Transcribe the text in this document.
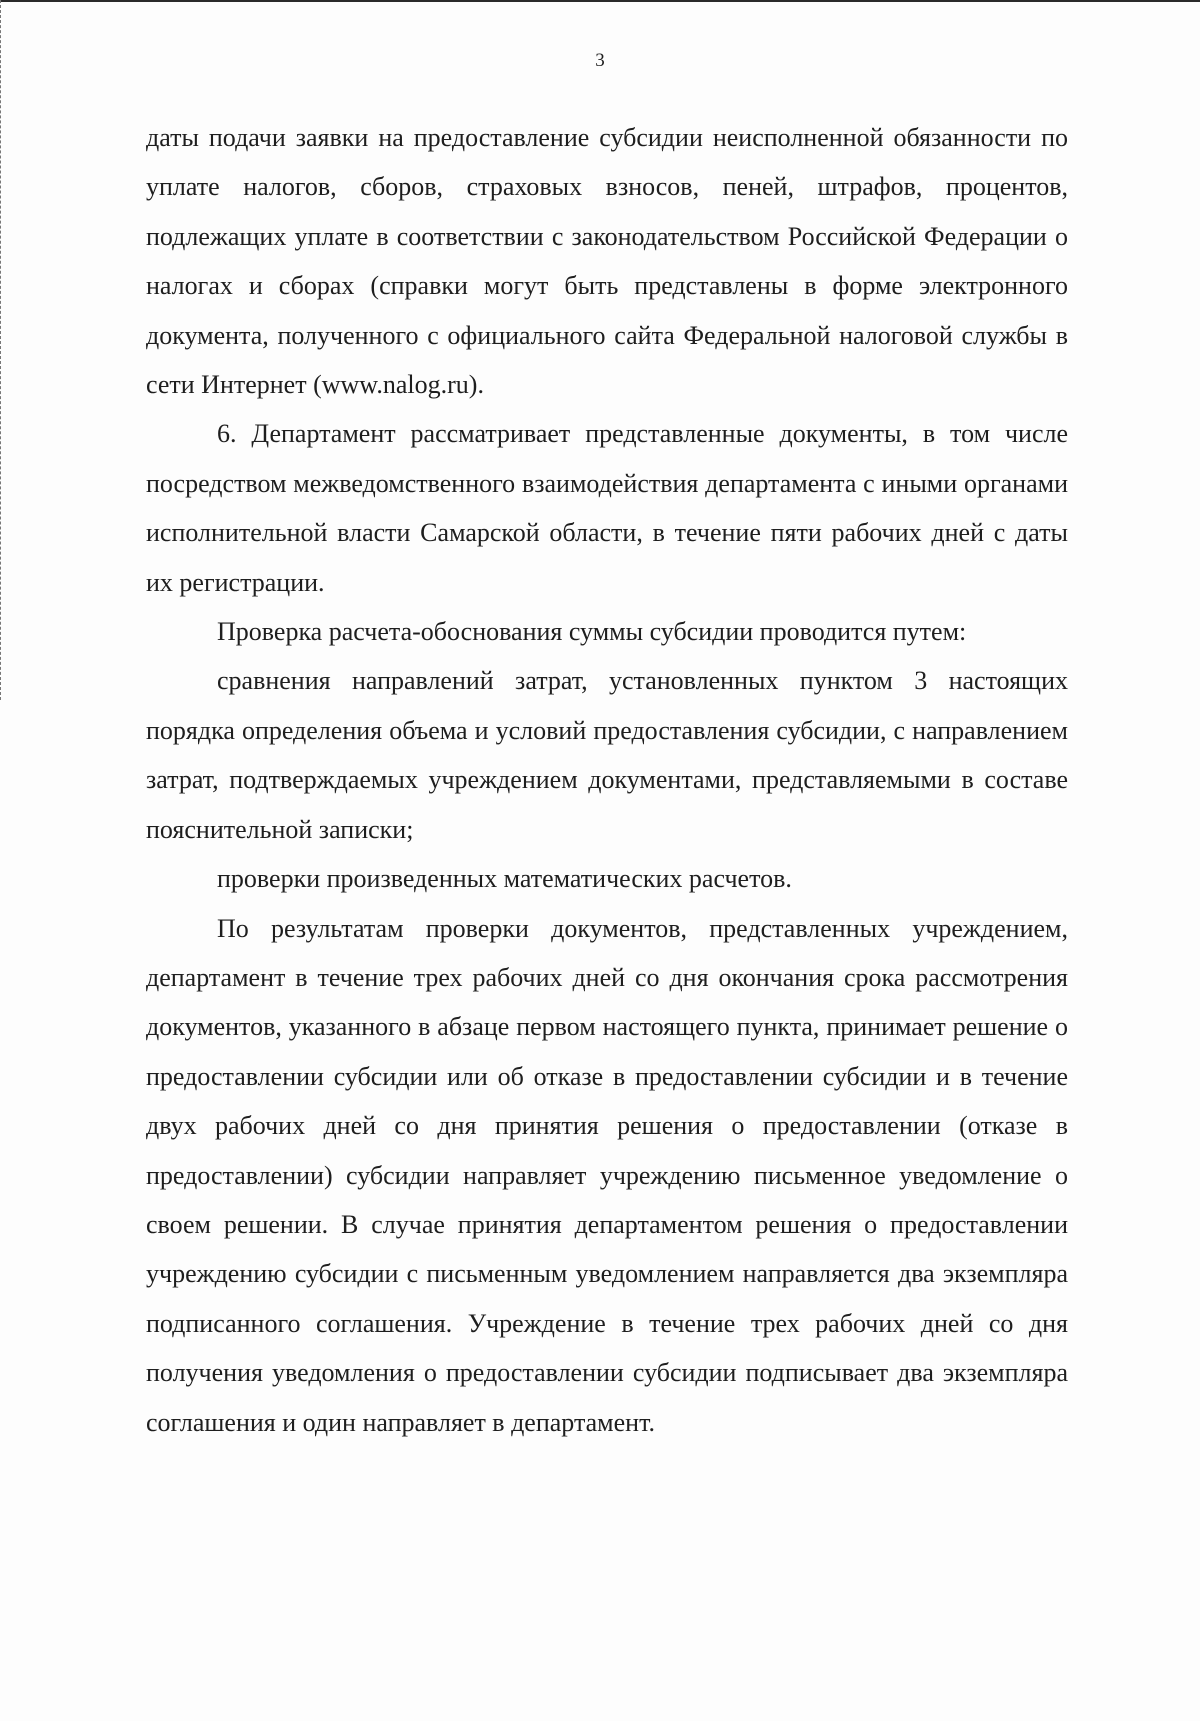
3

даты подачи заявки на предоставление субсидии неисполненной обязанности по уплате налогов, сборов, страховых взносов, пеней, штрафов, процентов, подлежащих уплате в соответствии с законодательством Российской Федерации о налогах и сборах (справки могут быть представлены в форме электронного документа, полученного с официального сайта Федеральной налоговой службы в сети Интернет (www.nalog.ru).

6. Департамент рассматривает представленные документы, в том числе посредством межведомственного взаимодействия департамента с иными органами исполнительной власти Самарской области, в течение пяти рабочих дней с даты их регистрации.

Проверка расчета-обоснования суммы субсидии проводится путем:

сравнения направлений затрат, установленных пунктом 3 настоящих порядка определения объема и условий предоставления субсидии, с направлением затрат, подтверждаемых учреждением документами, представляемыми в составе пояснительной записки;

проверки произведенных математических расчетов.

По результатам проверки документов, представленных учреждением, департамент в течение трех рабочих дней со дня окончания срока рассмотрения документов, указанного в абзаце первом настоящего пункта, принимает решение о предоставлении субсидии или об отказе в предоставлении субсидии и в течение двух рабочих дней со дня принятия решения о предоставлении (отказе в предоставлении) субсидии направляет учреждению письменное уведомление о своем решении. В случае принятия департаментом решения о предоставлении учреждению субсидии с письменным уведомлением направляется два экземпляра подписанного соглашения. Учреждение в течение трех рабочих дней со дня получения уведомления о предоставлении субсидии подписывает два экземпляра соглашения и один направляет в департамент.
